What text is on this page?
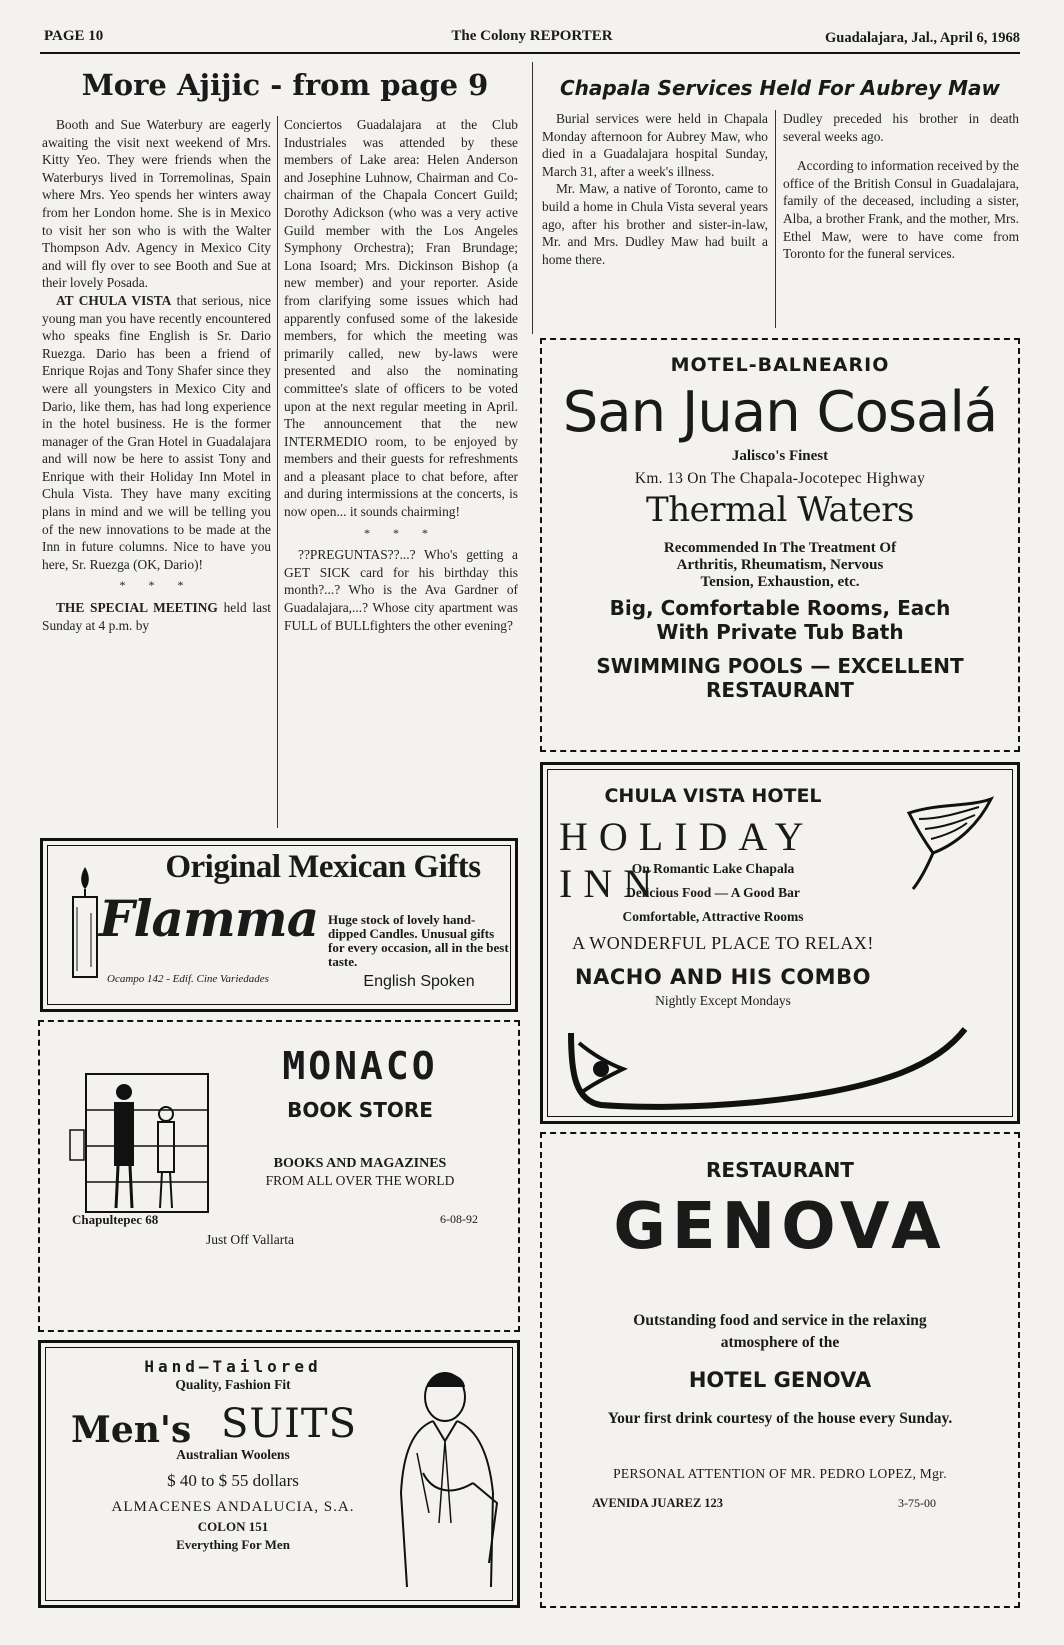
PAGE 10	The Colony REPORTER	Guadalajara, Jal., April 6, 1968
More Ajijic - from page 9

Booth and Sue Waterbury are eagerly awaiting the visit next weekend of Mrs. Kitty Yeo. They were friends when the Waterburys lived in Torremolinas, Spain where Mrs. Yeo spends her winters away from her London home. She is in Mexico to visit her son who is with the Walter Thompson Adv. Agency in Mexico City and will fly over to see Booth and Sue at their lovely Posada.

AT CHULA VISTA that serious, nice young man you have recently encountered who speaks fine English is Sr. Dario Ruezga. Dario has been a friend of Enrique Rojas and Tony Shafer since they were all youngsters in Mexico City and Dario, like them, has had long experience in the hotel business. He is the former manager of the Gran Hotel in Guadalajara and will now be here to assist Tony and Enrique with their Holiday Inn Motel in Chula Vista. They have many exciting plans in mind and we will be telling you of the new innovations to be made at the Inn in future columns. Nice to have you here, Sr. Ruezga (OK, Dario)!

* * *

THE SPECIAL MEETING held last Sunday at 4 p.m. by

Conciertos Guadalajara at the Club Industriales was attended by these members of Lake area: Helen Anderson and Josephine Luhnow, Chairman and Co-chairman of the Chapala Concert Guild; Dorothy Adickson (who was a very active Guild member with the Los Angeles Symphony Orchestra); Fran Brundage; Lona Isoard; Mrs. Dickinson Bishop (a new member) and your reporter. Aside from clarifying some issues which had apparently confused some of the lakeside members, for which the meeting was primarily called, new by-laws were presented and also the nominating committee's slate of officers to be voted upon at the next regular meeting in April. The announcement that the new INTERMEDIO room, to be enjoyed by members and their guests for refreshments and a pleasant place to chat before, after and during intermissions at the concerts, is now open... it sounds chairming!

* * *

??PREGUNTAS??...? Who's getting a GET SICK card for his birthday this month?...? Who is the Ava Gardner of Guadalajara,...? Whose city apartment was FULL of BULLfighters the other evening?

Chapala Services Held For Aubrey Maw

Burial services were held in Chapala Monday afternoon for Aubrey Maw, who died in a Guadalajara hospital Sunday, March 31, after a week's illness.

Mr. Maw, a native of Toronto, came to build a home in Chula Vista several years ago, after his brother and sister-in-law, Mr. and Mrs. Dudley Maw had built a home there.

Dudley preceded his brother in death several weeks ago.

According to information received by the office of the British Consul in Guadalajara, family of the deceased, including a sister, Alba, a brother Frank, and the mother, Mrs. Ethel Maw, were to have come from Toronto for the funeral services.

Original Mexican Gifts
Flamma
Ocampo 142 - Edif. Cine Variedades
Huge stock of lovely hand-dipped Candles. Unusual gifts for every occasion, all in the best taste.
English Spoken
MONACO
BOOK STORE
BOOKS AND MAGAZINES
FROM ALL OVER THE WORLD
Chapultepec 68	6-08-92
Just Off Vallarta
Hand—Tailored
Quality, Fashion Fit
Men's SUITS
Australian Woolens
$ 40 to $ 55 dollars
ALMACENES ANDALUCIA, S.A.
COLON 151
Everything For Men
MOTEL-BALNEARIO
San Juan Cosalá
Jalisco's Finest
Km. 13 On The Chapala-Jocotepec Highway
Thermal Waters
Recommended In The Treatment Of
Arthritis, Rheumatism, Nervous
Tension, Exhaustion, etc.
Big, Comfortable Rooms, Each
With Private Tub Bath
SWIMMING POOLS — EXCELLENT
RESTAURANT
CHULA VISTA HOTEL
HOLIDAY INN
On Romantic Lake Chapala
Delicious Food — A Good Bar
Comfortable, Attractive Rooms
A WONDERFUL PLACE TO RELAX!
NACHO AND HIS COMBO
Nightly Except Mondays
RESTAURANT
GENOVA
Outstanding food and service in the relaxing
atmosphere of the
HOTEL GENOVA
Your first drink courtesy of the house every Sunday.
PERSONAL ATTENTION OF MR. PEDRO LOPEZ, Mgr.
AVENIDA JUAREZ 123	3-75-00
